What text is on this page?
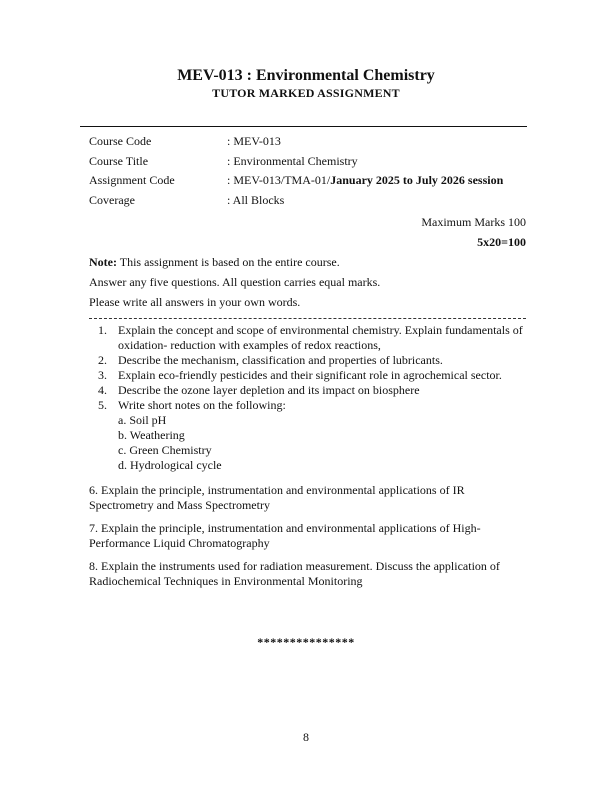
MEV-013 : Environmental Chemistry
TUTOR MARKED ASSIGNMENT
Course Code	: MEV-013
Course Title	: Environmental Chemistry
Assignment Code	: MEV-013/TMA-01/January 2025 to July 2026 session
Coverage	: All Blocks
Maximum Marks 100
5x20=100
Note: This assignment is based on the entire course.
Answer any five questions. All question carries equal marks.
Please write all answers in your own words.
1. Explain the concept and scope of environmental chemistry. Explain fundamentals of oxidation- reduction with examples of redox reactions,
2. Describe the mechanism, classification and properties of lubricants.
3. Explain eco-friendly pesticides and their significant role in agrochemical sector.
4. Describe the ozone layer depletion and its impact on biosphere
5. Write short notes on the following:
a. Soil pH
b. Weathering
c. Green Chemistry
d. Hydrological cycle
6. Explain the principle, instrumentation and environmental applications of IR Spectrometry and Mass Spectrometry
7. Explain the principle, instrumentation and environmental applications of High-Performance Liquid Chromatography
8. Explain the instruments used for radiation measurement. Discuss the application of Radiochemical Techniques in Environmental Monitoring
***************
8
